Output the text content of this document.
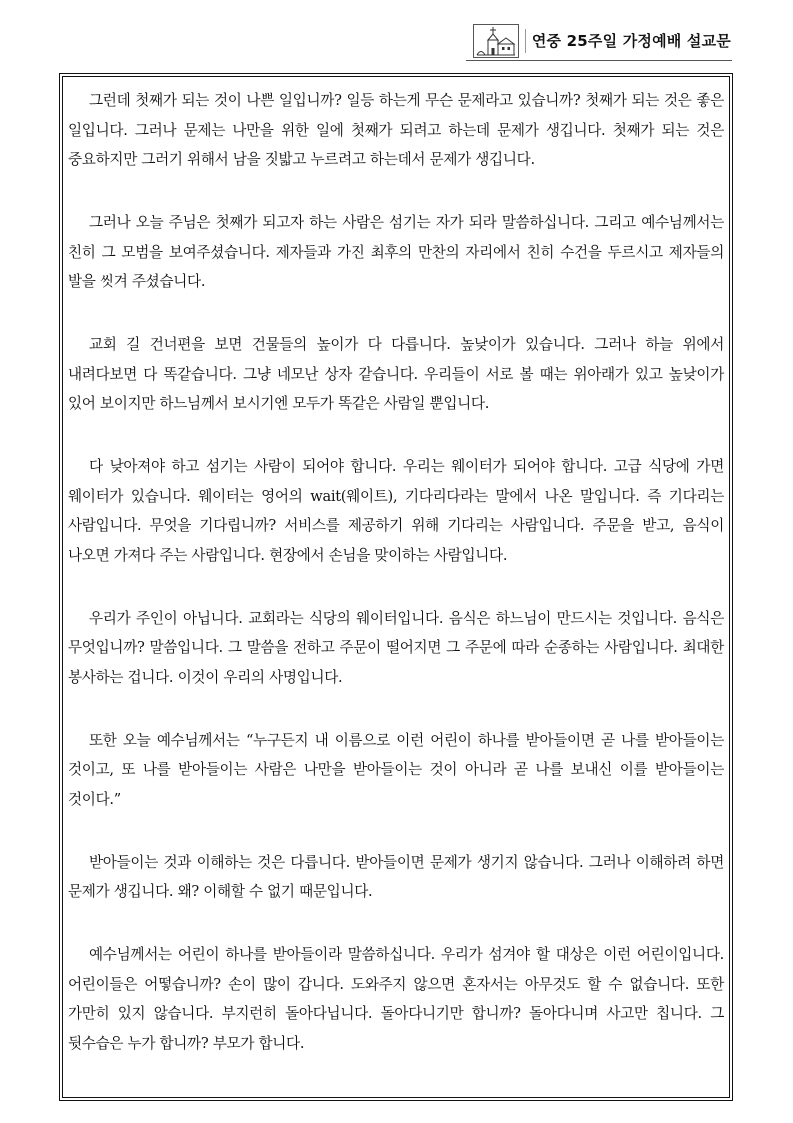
연중 25주일 가정예배 설교문

그런데 첫째가 되는 것이 나쁜 일입니까? 일등 하는게 무슨 문제라고 있습니까? 첫째가 되는 것은 좋은 일입니다. 그러나 문제는 나만을 위한 일에 첫째가 되려고 하는데 문제가 생깁니다. 첫째가 되는 것은 중요하지만 그러기 위해서 남을 짓밟고 누르려고 하는데서 문제가 생깁니다.

그러나 오늘 주님은 첫째가 되고자 하는 사람은 섬기는 자가 되라 말씀하십니다. 그리고 예수님께서는 친히 그 모범을 보여주셨습니다. 제자들과 가진 최후의 만찬의 자리에서 친히 수건을 두르시고 제자들의 발을 씻겨 주셨습니다.

교회 길 건너편을 보면 건물들의 높이가 다 다릅니다. 높낮이가 있습니다. 그러나 하늘 위에서 내려다보면 다 똑같습니다. 그냥 네모난 상자 같습니다. 우리들이 서로 볼 때는 위아래가 있고 높낮이가 있어 보이지만 하느님께서 보시기엔 모두가 똑같은 사람일 뿐입니다.

다 낮아져야 하고 섬기는 사람이 되어야 합니다. 우리는 웨이터가 되어야 합니다. 고급 식당에 가면 웨이터가 있습니다. 웨이터는 영어의 wait(웨이트), 기다리다라는 말에서 나온 말입니다. 즉 기다리는 사람입니다. 무엇을 기다립니까? 서비스를 제공하기 위해 기다리는 사람입니다. 주문을 받고, 음식이 나오면 가져다 주는 사람입니다. 현장에서 손님을 맞이하는 사람입니다.

우리가 주인이 아닙니다. 교회라는 식당의 웨이터입니다. 음식은 하느님이 만드시는 것입니다. 음식은 무엇입니까? 말씀입니다. 그 말씀을 전하고 주문이 떨어지면 그 주문에 따라 순종하는 사람입니다. 최대한 봉사하는 겁니다. 이것이 우리의 사명입니다.

또한 오늘 예수님께서는 “누구든지 내 이름으로 이런 어린이 하나를 받아들이면 곧 나를 받아들이는 것이고, 또 나를 받아들이는 사람은 나만을 받아들이는 것이 아니라 곧 나를 보내신 이를 받아들이는 것이다.”

받아들이는 것과 이해하는 것은 다릅니다. 받아들이면 문제가 생기지 않습니다. 그러나 이해하려 하면 문제가 생깁니다. 왜? 이해할 수 없기 때문입니다.

예수님께서는 어린이 하나를 받아들이라 말씀하십니다. 우리가 섬겨야 할 대상은 이런 어린이입니다. 어린이들은 어떻습니까? 손이 많이 갑니다. 도와주지 않으면 혼자서는 아무것도 할 수 없습니다. 또한 가만히 있지 않습니다. 부지런히 돌아다닙니다. 돌아다니기만 합니까? 돌아다니며 사고만 칩니다. 그 뒷수습은 누가 합니까? 부모가 합니다.
